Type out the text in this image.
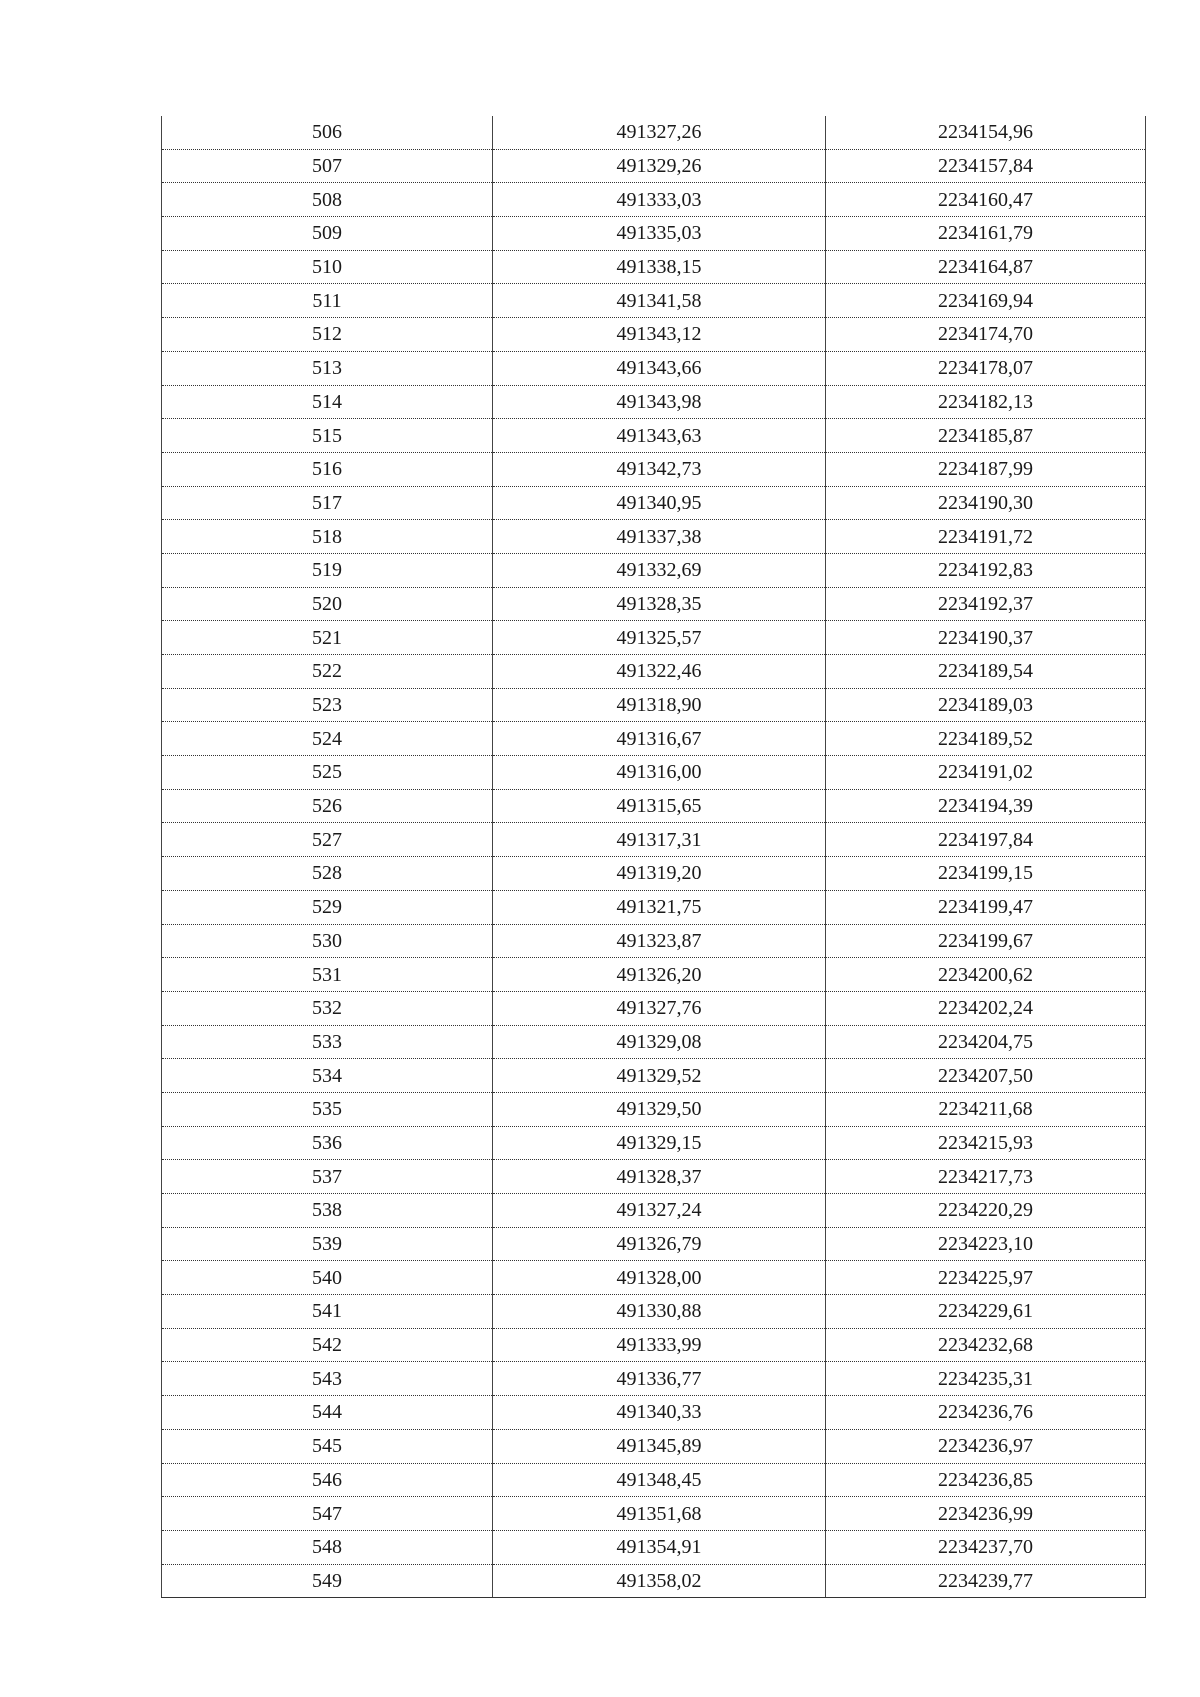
506	491327,26	2234154,96
507	491329,26	2234157,84
508	491333,03	2234160,47
509	491335,03	2234161,79
510	491338,15	2234164,87
511	491341,58	2234169,94
512	491343,12	2234174,70
513	491343,66	2234178,07
514	491343,98	2234182,13
515	491343,63	2234185,87
516	491342,73	2234187,99
517	491340,95	2234190,30
518	491337,38	2234191,72
519	491332,69	2234192,83
520	491328,35	2234192,37
521	491325,57	2234190,37
522	491322,46	2234189,54
523	491318,90	2234189,03
524	491316,67	2234189,52
525	491316,00	2234191,02
526	491315,65	2234194,39
527	491317,31	2234197,84
528	491319,20	2234199,15
529	491321,75	2234199,47
530	491323,87	2234199,67
531	491326,20	2234200,62
532	491327,76	2234202,24
533	491329,08	2234204,75
534	491329,52	2234207,50
535	491329,50	2234211,68
536	491329,15	2234215,93
537	491328,37	2234217,73
538	491327,24	2234220,29
539	491326,79	2234223,10
540	491328,00	2234225,97
541	491330,88	2234229,61
542	491333,99	2234232,68
543	491336,77	2234235,31
544	491340,33	2234236,76
545	491345,89	2234236,97
546	491348,45	2234236,85
547	491351,68	2234236,99
548	491354,91	2234237,70
549	491358,02	2234239,77
